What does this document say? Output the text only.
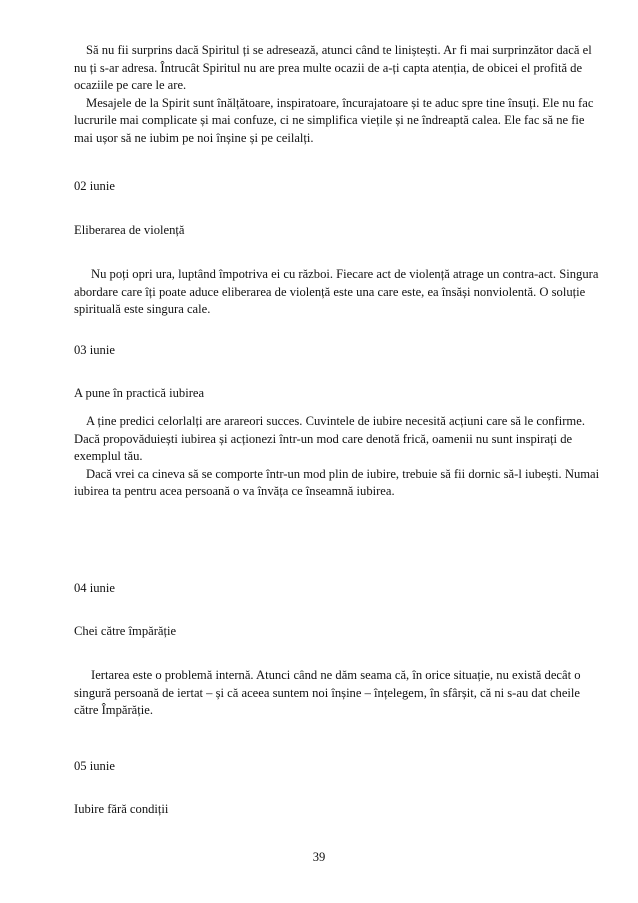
Să nu fii surprins dacă Spiritul ți se adresează, atunci când te liniștești. Ar fi mai surprinzător dacă el nu ți s-ar adresa. Întrucât Spiritul nu are prea multe ocazii de a-ți capta atenția, de obicei el profită de ocaziile pe care le are.

Mesajele de la Spirit sunt înălțătoare, inspiratoare, încurajatoare și te aduc spre tine însuți. Ele nu fac lucrurile mai complicate și mai confuze, ci ne simplifica viețile și ne îndreaptă calea. Ele fac să ne fie mai ușor să ne iubim pe noi înșine și pe ceilalți.

02 iunie

Eliberarea de violență

Nu poți opri ura, luptând împotriva ei cu război. Fiecare act de violență atrage un contra-act. Singura abordare care îți poate aduce eliberarea de violență este una care este, ea însăși nonviolentă. O soluție spirituală este singura cale.

03 iunie

A pune în practică iubirea

A ține predici celorlalți are arareori succes. Cuvintele de iubire necesită acțiuni care să le confirme. Dacă propovăduiești iubirea și acționezi într-un mod care denotă frică, oamenii nu sunt inspirați de exemplul tău.

Dacă vrei ca cineva să se comporte într-un mod plin de iubire, trebuie să fii dornic să-l iubești. Numai iubirea ta pentru acea persoană o va învăța ce înseamnă iubirea.

04 iunie

Chei către împărăție

Iertarea este o problemă internă. Atunci când ne dăm seama că, în orice situație, nu există decât o singură persoană de iertat – și că aceea suntem noi înșine – înțelegem, în sfârșit, că ni s-au dat cheile către Împărăție.

05 iunie

Iubire fără condiții

39
